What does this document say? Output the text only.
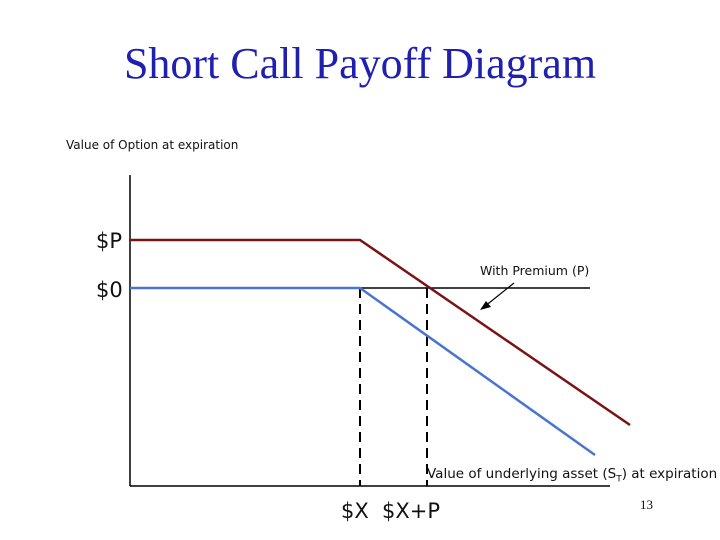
Short Call Payoff Diagram
Value of Option at expiration
$P
$0
With Premium (P)
Value of underlying asset $(S_T)$ at expiration
$X $X+P	13
